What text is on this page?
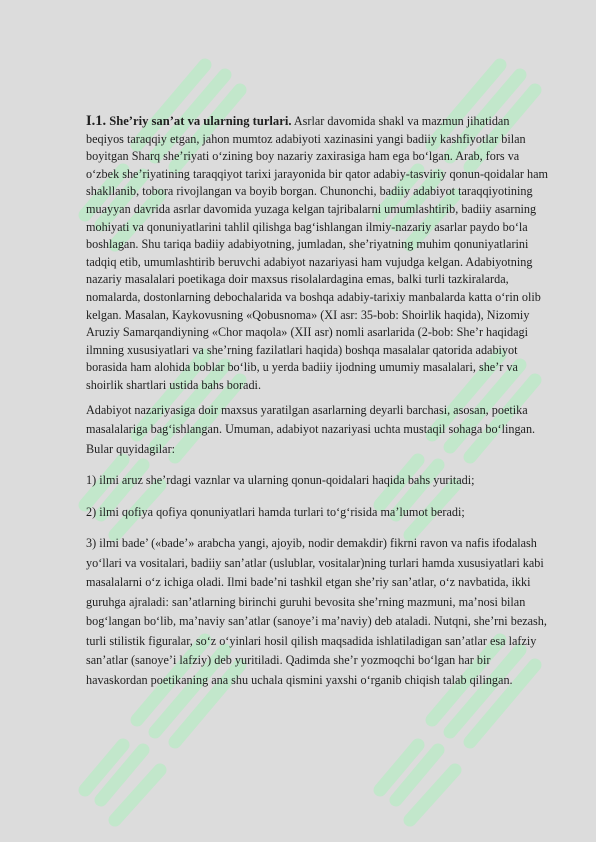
I.1. She’riy san’at va ularning turlari. Asrlar davomida shakl va mazmun jihatidan beqiyos taraqqiy etgan, jahon mumtoz adabiyoti xazinasini yangi badiiy kashfiyotlar bilan boyitgan Sharq she’riyati o‘zining boy nazariy zaxirasiga ham ega bo‘lgan. Arab, fors va o‘zbek she’riyatining taraqqiyot tarixi jarayonida bir qator adabiy-tasviriy qonun-qoidalar ham shakllanib, tobora rivojlangan va boyib borgan. Chunonchi, badiiy adabiyot taraqqiyotining muayyan davrida asrlar davomida yuzaga kelgan tajribalarni umumlashtirib, badiiy asarning mohiyati va qonuniyatlarini tahlil qilishga bag‘ishlangan ilmiy-nazariy asarlar paydo bo‘la boshlagan. Shu tariqa badiiy adabiyotning, jumladan, she’riyatning muhim qonuniyatlarini tadqiq etib, umumlashtirib beruvchi adabiyot nazariyasi ham vujudga kelgan. Adabiyotning nazariy masalalari poetikaga doir maxsus risolalardagina emas, balki turli tazkiralarda, nomalarda, dostonlarning debochalarida va boshqa adabiy-tarixiy manbalarda katta o‘rin olib kelgan. Masalan, Kaykovusning «Qobusnoma» (XI asr: 35-bob: Shoirlik haqida), Nizomiy Aruziy Samarqandiyning «Chor maqola» (XII asr) nomli asarlarida (2-bob: She’r haqidagi ilmning xususiyatlari va she’rning fazilatlari haqida) boshqa masalalar qatorida adabiyot borasida ham alohida boblar bo‘lib, u yerda badiiy ijodning umumiy masalalari, she’r va shoirlik shartlari ustida bahs boradi.

Adabiyot nazariyasiga doir maxsus yaratilgan asarlarning deyarli barchasi, asosan, poetika masalalariga bag‘ishlangan. Umuman, adabiyot nazariyasi uchta mustaqil sohaga bo‘lingan. Bular quyidagilar:

1) ilmi aruz she’rdagi vaznlar va ularning qonun-qoidalari haqida bahs yuritadi;

2) ilmi qofiya qofiya qonuniyatlari hamda turlari to‘g‘risida ma’lumot beradi;

3) ilmi bade’ («bade’» arabcha yangi, ajoyib, nodir demakdir) fikrni ravon va nafis ifodalash yo‘llari va vositalari, badiiy san’atlar (uslublar, vositalar)ning turlari hamda xususiyatlari kabi masalalarni o‘z ichiga oladi. Ilmi bade’ni tashkil etgan she’riy san’atlar, o‘z navbatida, ikki guruhga ajraladi: san’atlarning birinchi guruhi bevosita she’rning mazmuni, ma’nosi bilan bog‘langan bo‘lib, ma’naviy san’atlar (sanoye’i ma’naviy) deb ataladi. Nutqni, she’rni bezash, turli stilistik figuralar, so‘z o‘yinlari hosil qilish maqsadida ishlatiladigan san’atlar esa lafziy san’atlar (sanoye’i lafziy) deb yuritiladi. Qadimda she’r yozmoqchi bo‘lgan har bir havaskordan poetikaning ana shu uchala qismini yaxshi o‘rganib chiqish talab qilingan.
